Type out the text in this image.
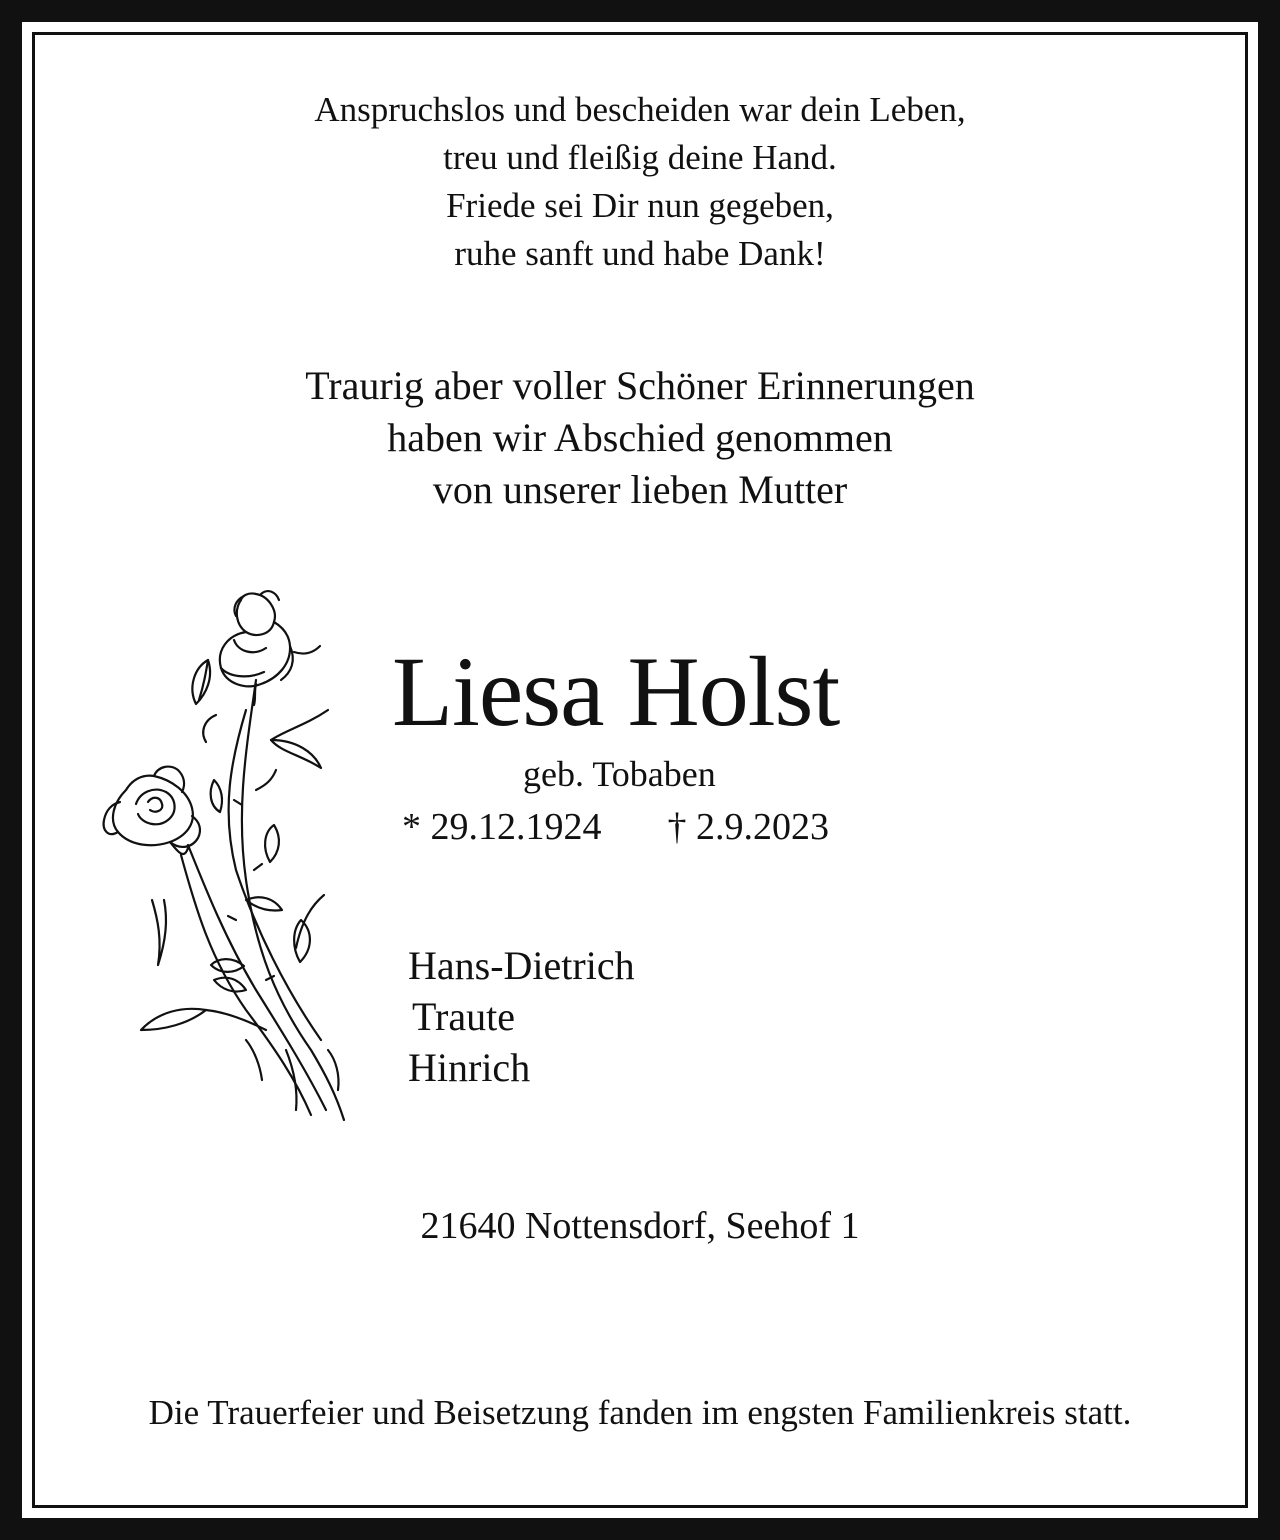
Anspruchslos und bescheiden war dein Leben,
treu und fleißig deine Hand.
Friede sei Dir nun gegeben,
ruhe sanft und habe Dank!
Traurig aber voller Schöner Erinnerungen
haben wir Abschied genommen
von unserer lieben Mutter
Liesa Holst
geb. Tobaben
* 29.12.1924 † 2.9.2023
Hans-Dietrich
Traute
Hinrich
21640 Nottensdorf, Seehof 1
Die Trauerfeier und Beisetzung fanden im engsten Familienkreis statt.
